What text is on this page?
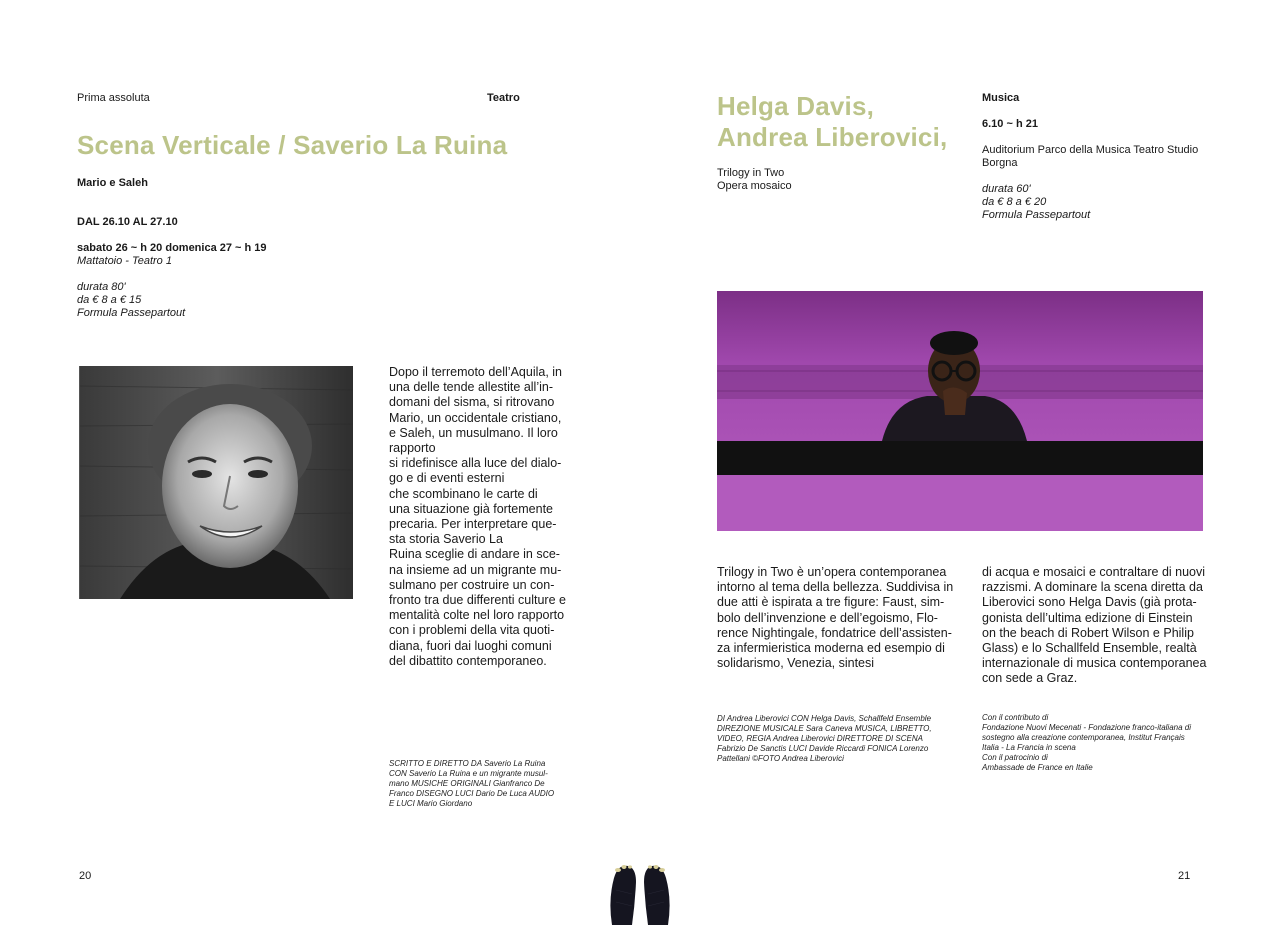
Prima assoluta	Teatro
Scena Verticale / Saverio La Ruina
Mario e Saleh
DAL 26.10 AL 27.10
sabato 26 ~ h 20 domenica 27 ~ h 19
Mattatoio - Teatro 1
durata 80'
da € 8 a € 15
Formula Passepartout
Dopo il terremoto dell’Aquila, in
una delle tende allestite all’in-
domani del sisma, si ritrovano
Mario, un occidentale cristiano,
e Saleh, un musulmano. Il loro
rapporto
si ridefinisce alla luce del dialo-
go e di eventi esterni
che scombinano le carte di
una situazione già fortemente
precaria. Per interpretare que-
sta storia Saverio La
Ruina sceglie di andare in sce-
na insieme ad un migrante mu-
sulmano per costruire un con-
fronto tra due differenti culture e
mentalità colte nel loro rapporto
con i problemi della vita quoti-
diana, fuori dai luoghi comuni
del dibattito contemporaneo.
SCRITTO E DIRETTO DA Saverio La Ruina
CON Saverio La Ruina e un migrante musul-
mano MUSICHE ORIGINALI Gianfranco De
Franco DISEGNO LUCI Dario De Luca AUDIO
E LUCI Mario Giordano
20
Helga Davis,
Andrea Liberovici,
Trilogy in Two
Opera mosaico
Musica
6.10 ~ h 21
Auditorium Parco della Musica Teatro Studio
Borgna
durata 60'
da € 8 a € 20
Formula Passepartout
Trilogy in Two è un’opera contemporanea
intorno al tema della bellezza. Suddivisa in
due atti è ispirata a tre figure: Faust, sim-
bolo dell’invenzione e dell’egoismo, Flo-
rence Nightingale, fondatrice dell’assisten-
za infermieristica moderna ed esempio di
solidarismo, Venezia, sintesi
di acqua e mosaici e contraltare di nuovi
razzismi. A dominare la scena diretta da
Liberovici sono Helga Davis (già prota-
gonista dell’ultima edizione di Einstein
on the beach di Robert Wilson e Philip
Glass) e lo Schallfeld Ensemble, realtà
internazionale di musica contemporanea
con sede a Graz.
DI Andrea Liberovici CON Helga Davis, Schallfeld Ensemble
DIREZIONE MUSICALE Sara Caneva MUSICA, LIBRETTO,
VIDEO, REGIA Andrea Liberovici DIRETTORE DI SCENA
Fabrizio De Sanctis LUCI Davide Riccardi FONICA Lorenzo
Pattellani ©FOTO Andrea Liberovici
Con il contributo di
Fondazione Nuovi Mecenati - Fondazione franco-italiana di
sostegno alla creazione contemporanea, Institut Français
Italia - La Francia in scena
Con il patrocinio di
Ambassade de France en Italie
21
